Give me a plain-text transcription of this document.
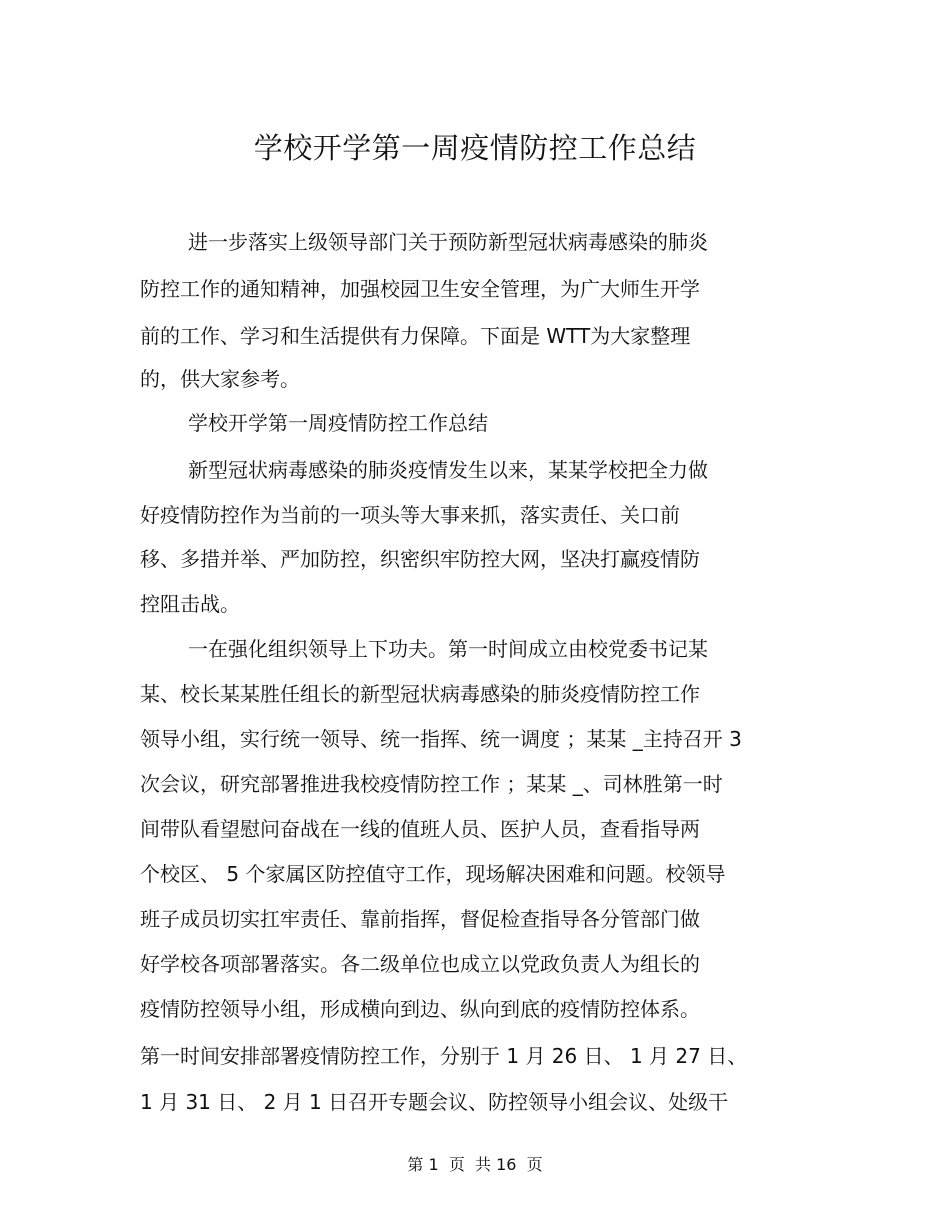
学校开学第一周疫情防控工作总结
进一步落实上级领导部门关于预防新型冠状病毒感染的肺炎
防控工作的通知精神，加强校园卫生安全管理，为广大师生开学
前的工作、学习和生活提供有力保障。下面是 WTT为大家整理
的，供大家参考。
学校开学第一周疫情防控工作总结
新型冠状病毒感染的肺炎疫情发生以来，某某学校把全力做
好疫情防控作为当前的一项头等大事来抓，落实责任、关口前
移、多措并举、严加防控，织密织牢防控大网，坚决打赢疫情防
控阻击战。
一在强化组织领导上下功夫。第一时间成立由校党委书记某
某、校长某某胜任组长的新型冠状病毒感染的肺炎疫情防控工作
领导小组，实行统一领导、统一指挥、统一调度 ；某某 _主持召开 3
次会议，研究部署推进我校疫情防控工作 ；某某 _、司林胜第一时
间带队看望慰问奋战在一线的值班人员、医护人员，查看指导两
个校区、 5 个家属区防控值守工作，现场解决困难和问题。校领导
班子成员切实扛牢责任、靠前指挥，督促检查指导各分管部门做
好学校各项部署落实。各二级单位也成立以党政负责人为组长的
疫情防控领导小组，形成横向到边、纵向到底的疫情防控体系。
第一时间安排部署疫情防控工作，分别于 1 月 26 日、 1 月 27 日、
1 月 31 日、 2 月 1 日召开专题会议、防控领导小组会议、处级干
第 1  页  共 16  页
